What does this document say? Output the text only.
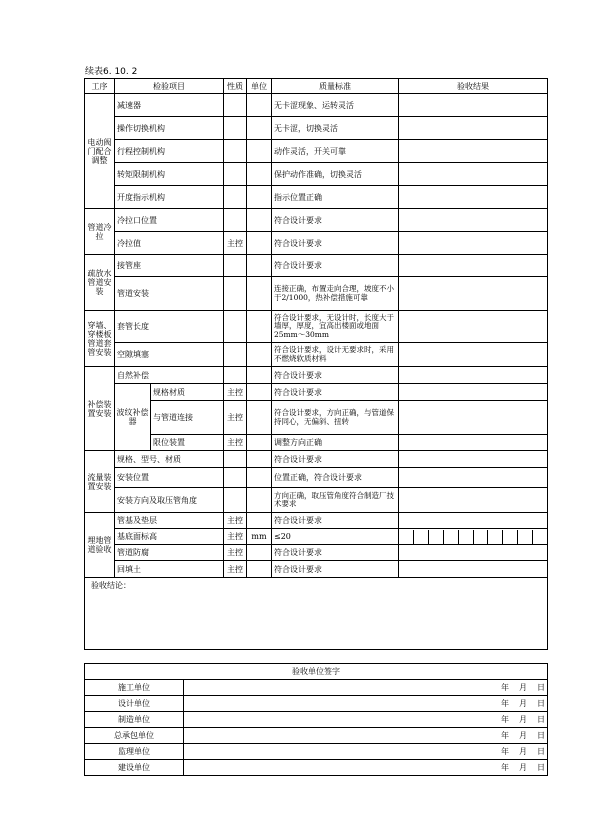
续表6. 10. 2
工序	检验项目		性质	单位	质量标准	验收结果
电动阀门配合调整	减速器				无卡涩现象、运转灵活	
	操作切换机构				无卡涩，切换灵活	
	行程控制机构				动作灵活，开关可靠	
	转矩限制机构				保护动作准确，切换灵活	
	开度指示机构				指示位置正确	
管道冷拉	冷拉口位置				符合设计要求	
	冷拉值		主控		符合设计要求	
疏放水管道安装	接管座				符合设计要求	
	管道安装				连接正确，布置走向合理，坡度不小于2/1000，热补偿措施可靠	
穿墙、穿楼板管道套管安装	套管长度				符合设计要求，无设计时，长度大于墙厚，厚度，宜高出楼面或地面25mm～30mm	
	空隙填塞				符合设计要求，设计无要求时，采用不燃烧软质材料	
补偿装置安装	自然补偿				符合设计要求	
	波纹补偿器	规格材质	主控		符合设计要求	
		与管道连接	主控		符合设计要求，方向正确，与管道保持同心，无偏斜、扭转	
		限位装置	主控		调整方向正确	
流量装置安装	规格、型号、材质				符合设计要求	
	安装位置				位置正确，符合设计要求	
	安装方向及取压管角度				方向正确，取压管角度符合制造厂技术要求	
埋地管道验收	管基及垫层		主控		符合设计要求	
	基底面标高		主控	mm	≤20	

	管道防腐		主控		符合设计要求	
	回填土		主控		符合设计要求	
验收结论：						
验收单位签字	
施工单位	年 月 日

设计单位	年 月 日

制造单位	年 月 日

总承包单位	年 月 日

监理单位	年 月 日

建设单位	年 月 日
